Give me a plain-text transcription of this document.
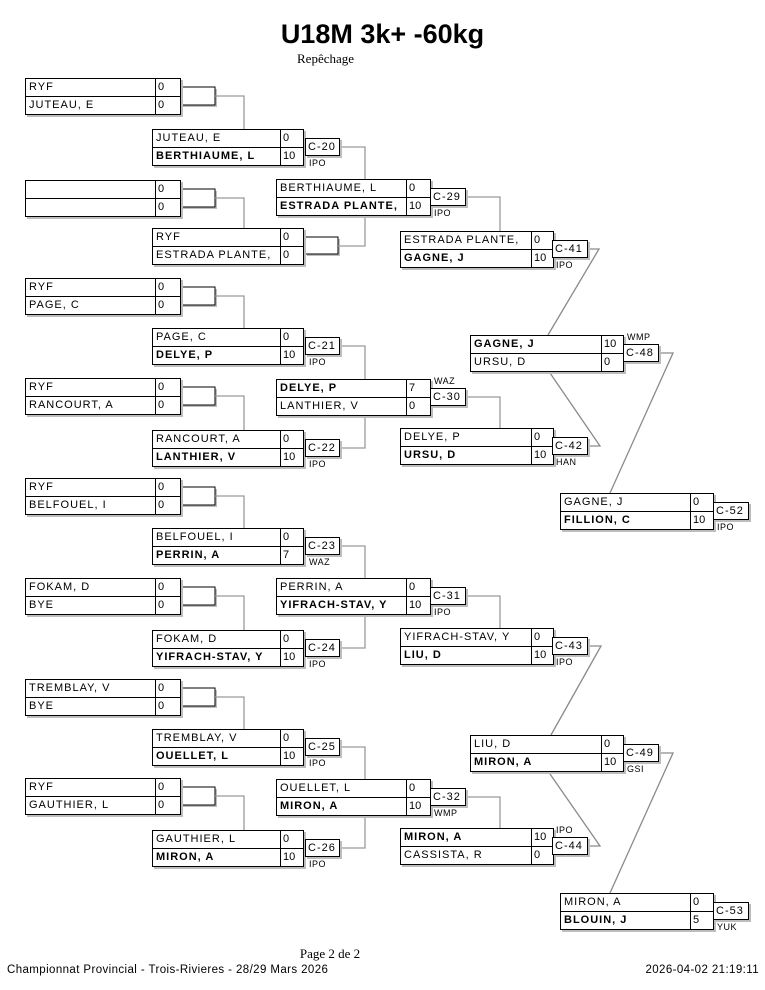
U18M 3k+ -60kg
Repêchage
RYF	0
JUTEAU, E	0
0
0
RYF	0
PAGE, C	0
RYF	0
RANCOURT, A	0
RYF	0
BELFOUEL, I	0
FOKAM, D	0
BYE	0
TREMBLAY, V	0
BYE	0
RYF	0
GAUTHIER, L	0
JUTEAU, E	0
BERTHIAUME, L	10
C-20
IPO
RYF	0
ESTRADA PLANTE,	0
PAGE, C	0
DELYE, P	10
C-21
IPO
RANCOURT, A	0
LANTHIER, V	10
C-22
IPO
BELFOUEL, I	0
PERRIN, A	7
C-23
WAZ
FOKAM, D	0
YIFRACH-STAV, Y	10
C-24
IPO
TREMBLAY, V	0
OUELLET, L	10
C-25
IPO
GAUTHIER, L	0
MIRON, A	10
C-26
IPO
BERTHIAUME, L	0
ESTRADA PLANTE,	10
C-29
IPO
DELYE, P	7
LANTHIER, V	0
C-30
WAZ
PERRIN, A	0
YIFRACH-STAV, Y	10
C-31
IPO
OUELLET, L	0
MIRON, A	10
C-32
WMP
ESTRADA PLANTE,	0
GAGNE, J	10
C-41
IPO
DELYE, P	0
URSU, D	10
C-42
HAN
YIFRACH-STAV, Y	0
LIU, D	10
C-43
IPO
MIRON, A	10
CASSISTA, R	0
C-44
IPO
GAGNE, J	10
URSU, D	0
C-48
WMP
LIU, D	0
MIRON, A	10
C-49
GSI
GAGNE, J	0
FILLION, C	10
C-52
IPO
MIRON, A	0
BLOUIN, J	5
C-53
YUK
Page 2 de 2
Championnat Provincial - Trois-Rivieres - 28/29 Mars 2026	2026-04-02 21:19:11
